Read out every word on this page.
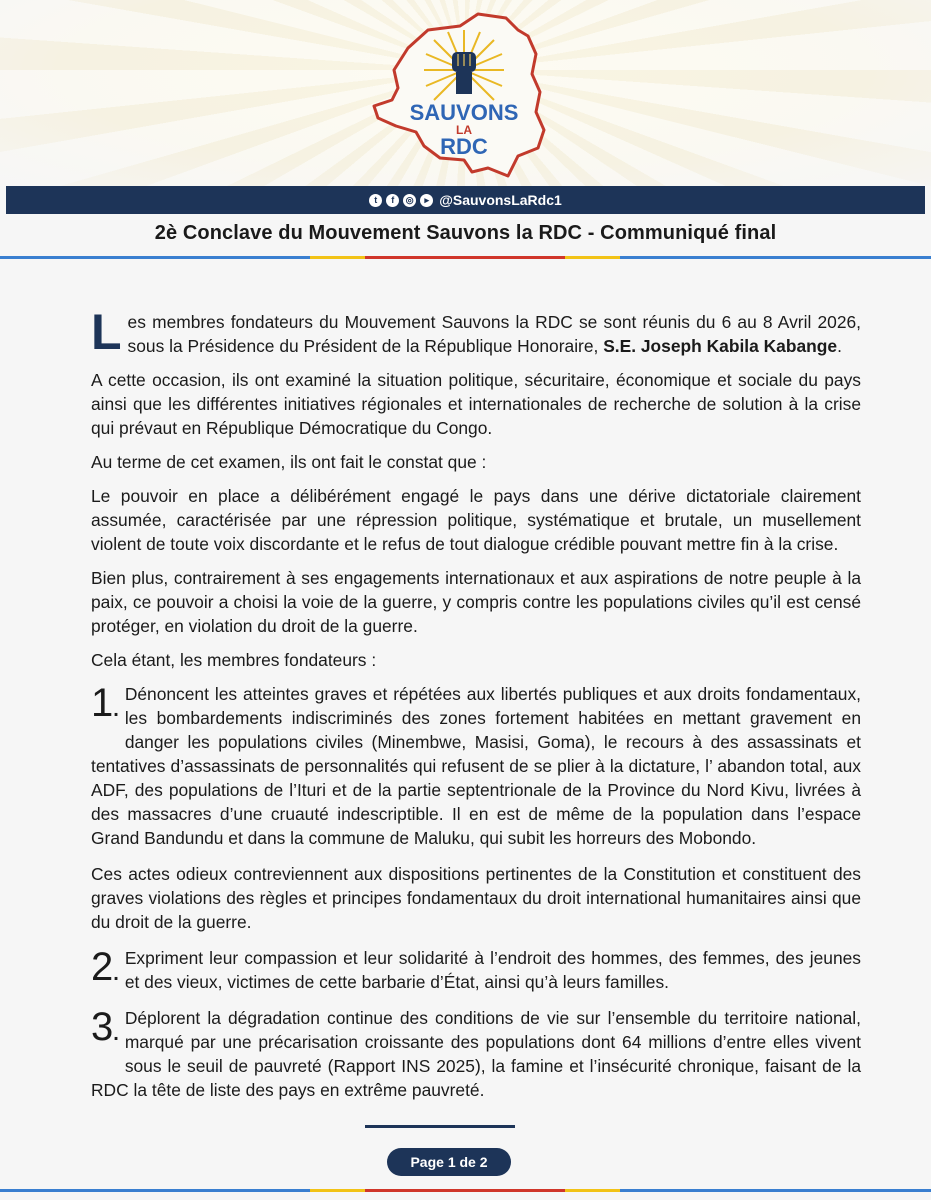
SAUVONS
LA
RDC
t	f	◎	▸ @SauvonsLaRdc1
2è Conclave du Mouvement Sauvons la RDC - Communiqué final

Les membres fondateurs du Mouvement Sauvons la RDC se sont réunis du 6 au 8 Avril 2026, sous la Présidence du Président de la République Honoraire, S.E. Joseph Kabila Kabange.

A cette occasion, ils ont examiné la situation politique, sécuritaire, économique et sociale du pays ainsi que les différentes initiatives régionales et internationales de recherche de solution à la crise qui prévaut en République Démocratique du Congo.

Au terme de cet examen, ils ont fait le constat que :

Le pouvoir en place a délibérément engagé le pays dans une dérive dictatoriale clairement assumée, caractérisée par une répression politique, systématique et brutale, un musellement violent de toute voix discordante et le refus de tout dialogue crédible pouvant mettre fin à la crise.

Bien plus, contrairement à ses engagements internationaux et aux aspirations de notre peuple à la paix, ce pouvoir a choisi la voie de la guerre, y compris contre les populations civiles qu’il est censé protéger, en violation du droit de la guerre.

Cela étant, les membres fondateurs :

1.
Dénoncent les atteintes graves et répétées aux libertés publiques et aux droits fondamentaux, les bombardements indiscriminés des zones fortement habitées en mettant gravement en danger les populations civiles (Minembwe, Masisi, Goma), le recours à des assassinats et tentatives d’assassinats de personnalités qui refusent de se plier à la dictature, l’ abandon total, aux ADF, des populations de l’Ituri et de la partie septentrionale de la Province du Nord Kivu, livrées à des massacres d’une cruauté indescriptible. Il en est de même de la population dans l’espace Grand Bandundu et dans la commune de Maluku, qui subit les horreurs des Mobondo.

Ces actes odieux contreviennent aux dispositions pertinentes de la Constitution et constituent des graves violations des règles et principes fondamentaux du droit international humanitaires ainsi que du droit de la guerre.

2.
Expriment leur compassion et leur solidarité à l’endroit des hommes, des femmes, des jeunes et des vieux, victimes de cette barbarie d’État, ainsi qu’à leurs familles.

3.
Déplorent la dégradation continue des conditions de vie sur l’ensemble du territoire national, marqué par une précarisation croissante des populations dont 64 millions d’entre elles vivent sous le seuil de pauvreté (Rapport INS 2025), la famine et l’insécurité chronique, faisant de la RDC la tête de liste des pays en extrême pauvreté.

Page 1 de 2
